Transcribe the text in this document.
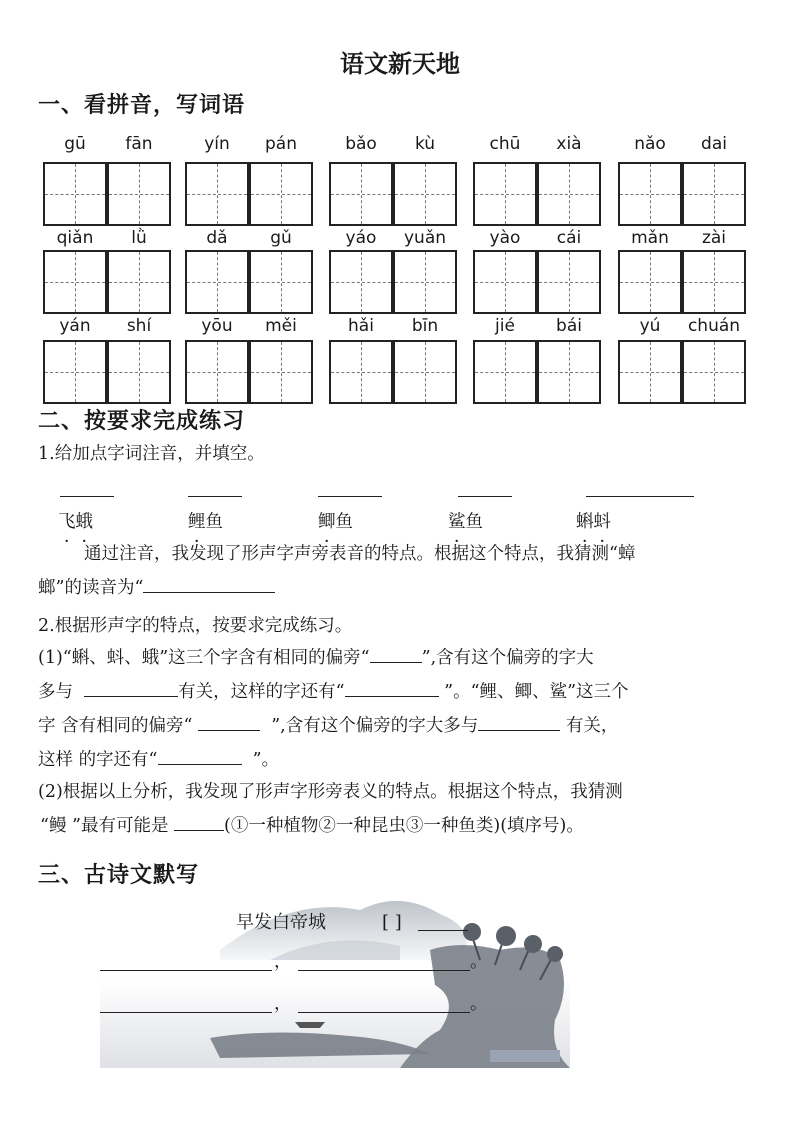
语文新天地
一、看拼音，写词语
gū	fān	yín	pán	bǎo	kù	chū	xià	nǎo	dai
qiǎn	lǜ	dǎ	gǔ	yáo	yuǎn	yào	cái	mǎn	zài
yán	shí	yōu	měi	hǎi	bīn	jié	bái	yú	chuán
二、按要求完成练习
1.给加点字词注音，并填空。
飞蛾	鲤鱼	鲫鱼	鲨鱼	蝌蚪
通过注音，我发现了形声字声旁表音的特点。根据这个特点，我猜测“蟑
螂”的读音为“
2.根据形声字的特点，按要求完成练习。
(1)“蝌、蚪、蛾”这三个字含有相同的偏旁“	”,含有这个偏旁的字大
多与	有关，这样的字还有“	”。“鲤、鲫、鲨”这三个
字 含有相同的偏旁“	”,含有这个偏旁的字大多与	有关，
这样 的字还有“	”。
(2)根据以上分析，我发现了形声字形旁表义的特点。根据这个特点，我猜测
“鳗 ”最有可能是	(①一种植物②一种昆虫③一种鱼类)(填序号)。
三、古诗文默写
早发白帝城	[ ]
，	。
，	。
